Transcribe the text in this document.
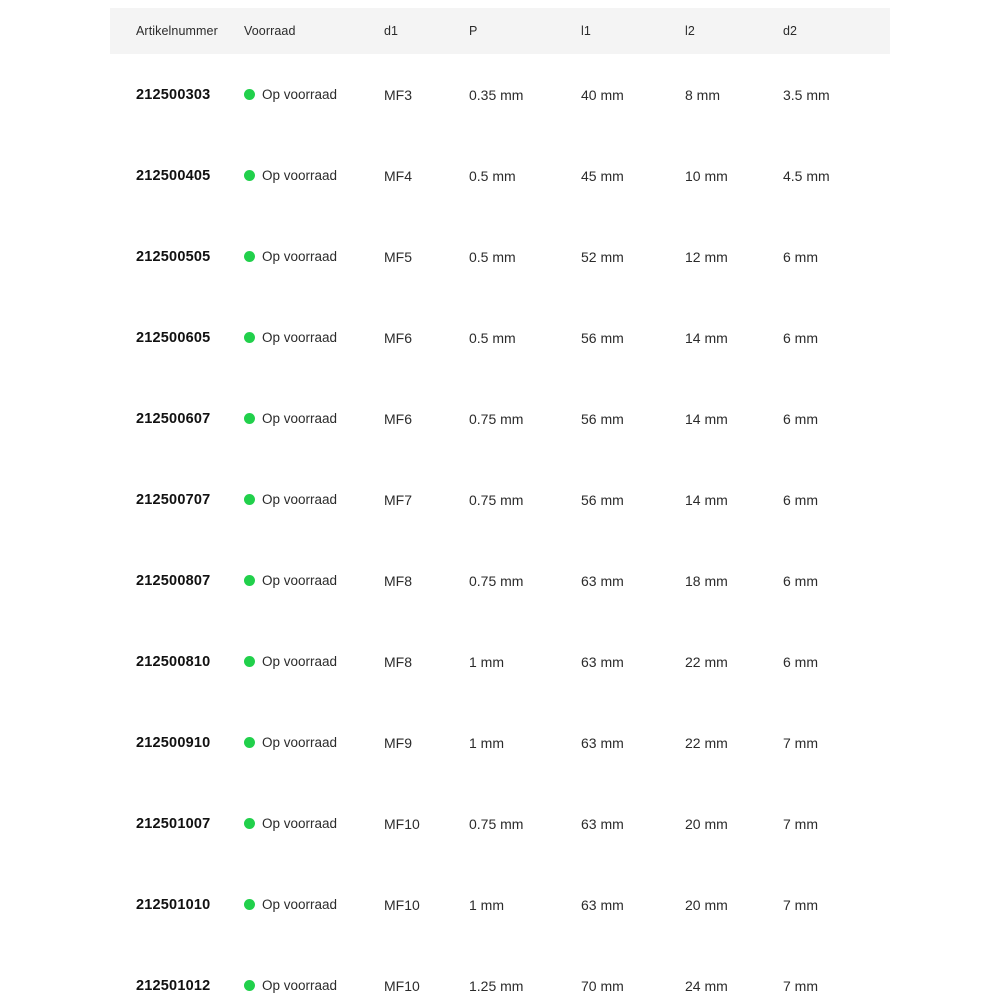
Artikelnummer	Voorraad	d1	P	l1	l2	d2
212500303	Op voorraad	MF3	0.35 mm	40 mm	8 mm	3.5 mm
212500405	Op voorraad	MF4	0.5 mm	45 mm	10 mm	4.5 mm
212500505	Op voorraad	MF5	0.5 mm	52 mm	12 mm	6 mm
212500605	Op voorraad	MF6	0.5 mm	56 mm	14 mm	6 mm
212500607	Op voorraad	MF6	0.75 mm	56 mm	14 mm	6 mm
212500707	Op voorraad	MF7	0.75 mm	56 mm	14 mm	6 mm
212500807	Op voorraad	MF8	0.75 mm	63 mm	18 mm	6 mm
212500810	Op voorraad	MF8	1 mm	63 mm	22 mm	6 mm
212500910	Op voorraad	MF9	1 mm	63 mm	22 mm	7 mm
212501007	Op voorraad	MF10	0.75 mm	63 mm	20 mm	7 mm
212501010	Op voorraad	MF10	1 mm	63 mm	20 mm	7 mm
212501012	Op voorraad	MF10	1.25 mm	70 mm	24 mm	7 mm
